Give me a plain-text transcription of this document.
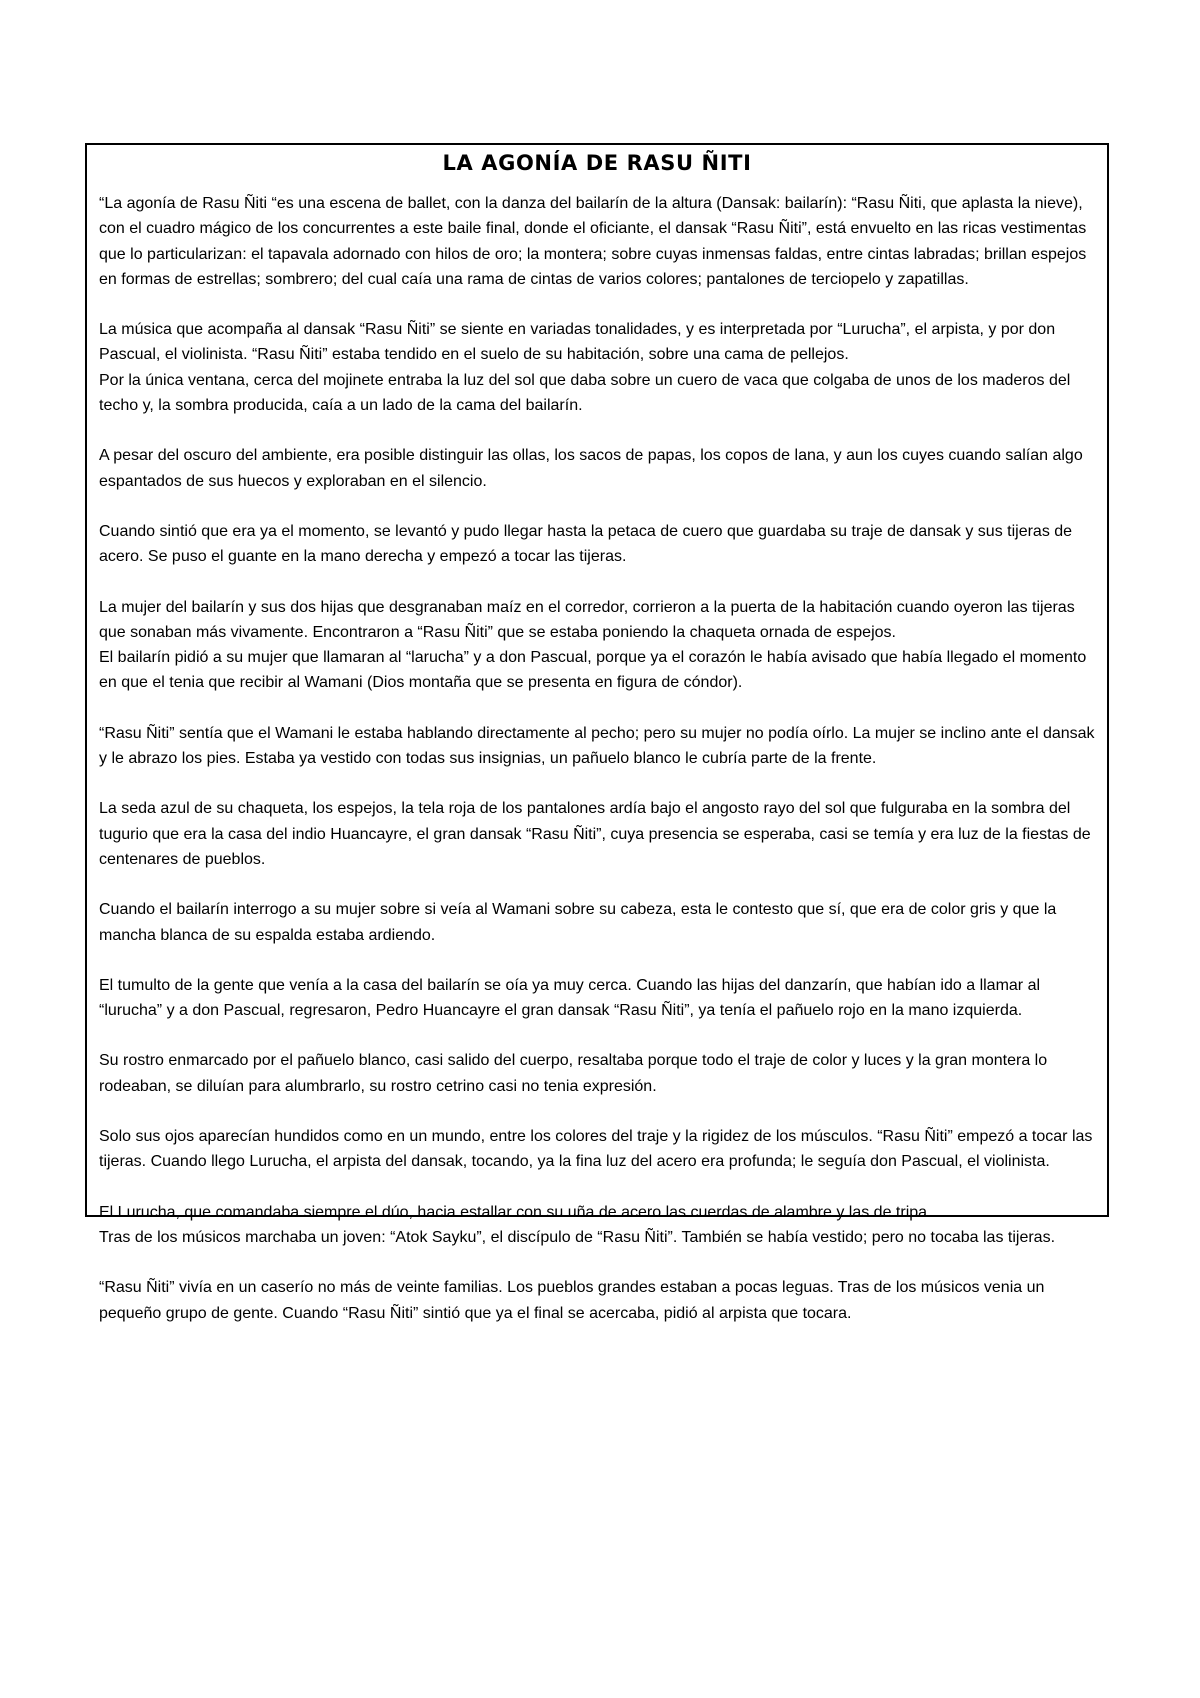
LA AGONÍA DE RASU ÑITI

“La agonía de Rasu Ñiti “es una escena de ballet, con la danza del bailarín de la altura (Dansak: bailarín): “Rasu Ñiti, que aplasta la nieve), con el cuadro mágico de los concurrentes a este baile final, donde el oficiante, el dansak “Rasu Ñiti”, está envuelto en las ricas vestimentas que lo particularizan: el tapavala adornado con hilos de oro; la montera; sobre cuyas inmensas faldas, entre cintas labradas; brillan espejos en formas de estrellas; sombrero; del cual caía una rama de cintas de varios colores; pantalones de terciopelo y zapatillas.

La música que acompaña al dansak “Rasu Ñiti” se siente en variadas tonalidades, y es interpretada por “Lurucha”, el arpista, y por don Pascual, el violinista. “Rasu Ñiti” estaba tendido en el suelo de su habitación, sobre una cama de pellejos.
Por la única ventana, cerca del mojinete entraba la luz del sol que daba sobre un cuero de vaca que colgaba de unos de los maderos del techo y, la sombra producida, caía a un lado de la cama del bailarín.

A pesar del oscuro del ambiente, era posible distinguir las ollas, los sacos de papas, los copos de lana, y aun los cuyes cuando salían algo espantados de sus huecos y exploraban en el silencio.

Cuando sintió que era ya el momento, se levantó y pudo llegar hasta la petaca de cuero que guardaba su traje de dansak y sus tijeras de acero. Se puso el guante en la mano derecha y empezó a tocar las tijeras.

La mujer del bailarín y sus dos hijas que desgranaban maíz en el corredor, corrieron a la puerta de la habitación cuando oyeron las tijeras que sonaban más vivamente. Encontraron a “Rasu Ñiti” que se estaba poniendo la chaqueta ornada de espejos.
El bailarín pidió a su mujer que llamaran al “larucha” y a don Pascual, porque ya el corazón le había avisado que había llegado el momento en que el tenia que recibir al Wamani (Dios montaña que se presenta en figura de cóndor).

“Rasu Ñiti” sentía que el Wamani le estaba hablando directamente al pecho; pero su mujer no podía oírlo. La mujer se inclino ante el dansak y le abrazo los pies. Estaba ya vestido con todas sus insignias, un pañuelo blanco le cubría parte de la frente.

La seda azul de su chaqueta, los espejos, la tela roja de los pantalones ardía bajo el angosto rayo del sol que fulguraba en la sombra del tugurio que era la casa del indio Huancayre, el gran dansak “Rasu Ñiti”, cuya presencia se esperaba, casi se temía y era luz de la fiestas de centenares de pueblos.

Cuando el bailarín interrogo a su mujer sobre si veía al Wamani sobre su cabeza, esta le contesto que sí, que era de color gris y que la mancha blanca de su espalda estaba ardiendo.

El tumulto de la gente que venía a la casa del bailarín se oía ya muy cerca. Cuando las hijas del danzarín, que habían ido a llamar al “lurucha” y a don Pascual, regresaron, Pedro Huancayre el gran dansak “Rasu Ñiti”, ya tenía el pañuelo rojo en la mano izquierda.

Su rostro enmarcado por el pañuelo blanco, casi salido del cuerpo, resaltaba porque todo el traje de color y luces y la gran montera lo rodeaban, se diluían para alumbrarlo, su rostro cetrino casi no tenia expresión.

Solo sus ojos aparecían hundidos como en un mundo, entre los colores del traje y la rigidez de los músculos. “Rasu Ñiti” empezó a tocar las tijeras. Cuando llego Lurucha, el arpista del dansak, tocando, ya la fina luz del acero era profunda; le seguía don Pascual, el violinista.

El Lurucha, que comandaba siempre el dúo, hacia estallar con su uña de acero las cuerdas de alambre y las de tripa.
Tras de los músicos marchaba un joven: “Atok Sayku”, el discípulo de “Rasu Ñiti”. También se había vestido; pero no tocaba las tijeras.

“Rasu Ñiti” vivía en un caserío no más de veinte familias. Los pueblos grandes estaban a pocas leguas. Tras de los músicos venia un pequeño grupo de gente. Cuando “Rasu Ñiti” sintió que ya el final se acercaba, pidió al arpista que tocara.
